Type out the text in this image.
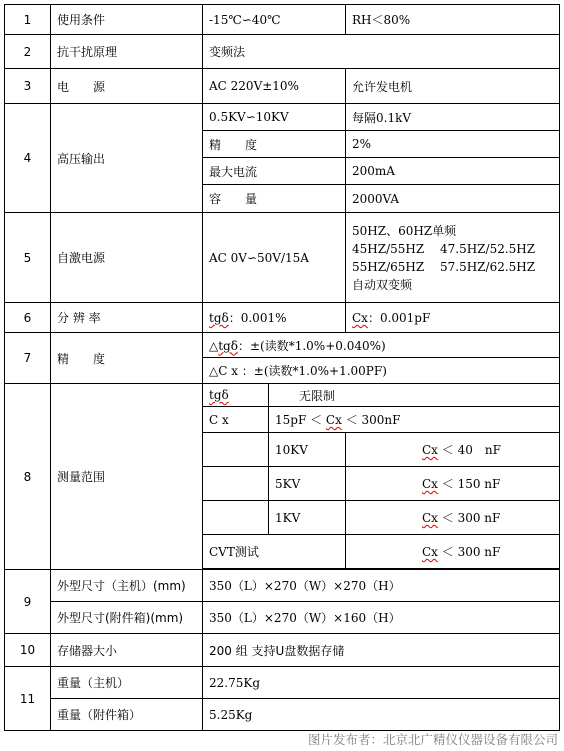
1	使用条件	-15℃∽40℃		RH＜80%
2	抗干扰原理	变频法		
3	电　　源	AC 220V±10%		允许发电机
4	高压输出	0.5KV∽10KV		每隔0.1kV
		精　　度		2%
		最大电流		200mA
		容　　量		2000VA
5	自激电源	AC 0V∽50V/15A		50HZ、60HZ单频
45HZ/55HZ　 47.5HZ/52.5HZ
55HZ/65HZ　 57.5HZ/62.5HZ
自动双变频

6	分 辨 率	tgδ：0.001%		Cx：0.001pF
7	精　　度	△tgδ：±(读数*1.0%+0.040%)		
		△C x ：±(读数*1.0%+1.00PF)		
8	测量范围	tgδ	无限制	
		C x	15pF ＜ Cx ＜ 300nF	
			10KV	Cx ＜ 40　nF
			5KV	Cx ＜ 150 nF
			1KV	Cx ＜ 300 nF
		CVT测试		Cx ＜ 300 nF

9	外型尺寸（主机）(mm)	350（L）×270（W）×270（H）		
	外型尺寸(附件箱)(mm)	350（L）×270（W）×160（H）		
10	存储器大小	200 组 支持U盘数据存储		
11	重量（主机）	22.75Kg		
	重量（附件箱）	5.25Kg		
图片发布者：北京北广精仪仪器设备有限公司
